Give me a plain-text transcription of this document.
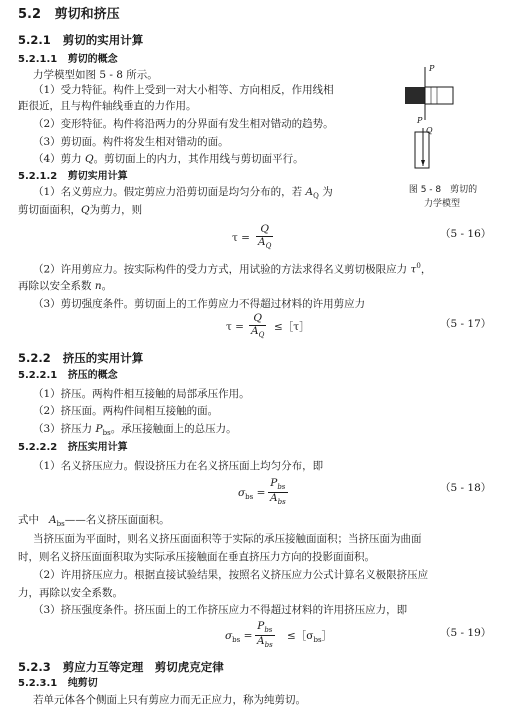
5.2 剪切和挤压
5.2.1 剪切的实用计算
5.2.1.1 剪切的概念
力学模型如图 5 - 8 所示。
（1）受力特征。构件上受到一对大小相等、方向相反，作用线相
距很近，且与构件轴线垂直的力作用。
（2）变形特征。构件将沿两力的分界面有发生相对错动的趋势。
（3）剪切面。构件将发生相对错动的面。
（4）剪力 Q。剪切面上的内力，其作用线与剪切面平行。
5.2.1.2 剪切实用计算
（1）名义剪应力。假定剪应力沿剪切面是均匀分布的，若 $A_Q$ 为
剪切面面积，Q为剪力，则
P
P
Q
图 5 - 8　剪切的
力学模型
$\tau = \frac{Q}{A_Q}$	（5 - 16）
（2）许用剪应力。按实际构件的受力方式，用试验的方法求得名义剪切极限应力 $\tau^0$，
再除以安全系数 n。
（3）剪切强度条件。剪切面上的工作剪应力不得超过材料的许用剪应力
$\tau = \frac{Q}{A_Q}$ ≤［τ］	（5 - 17）
5.2.2 挤压的实用计算
5.2.2.1 挤压的概念
（1）挤压。两构件相互接触的局部承压作用。
（2）挤压面。两构件间相互接触的面。
（3）挤压力 $P_{bs}$。承压接触面上的总压力。
5.2.2.2 挤压实用计算
（1）名义挤压应力。假设挤压力在名义挤压面上均匀分布，即
$\sigma_{bs}$ =
$P_{bs}$
$A_{bs}$
（5 - 18）
式中 $A_{bs}——$名义挤压面面积。
当挤压面为平面时，则名义挤压面面积等于实际的承压接触面面积；当挤压面为曲面
时，则名义挤压面面积取为实际承压接触面在垂直挤压力方向的投影面面积。
（2）许用挤压应力。根据直接试验结果，按照名义挤压应力公式计算名义极限挤压应
力，再除以安全系数。
（3）挤压强度条件。挤压面上的工作挤压应力不得超过材料的许用挤压应力，即
$\sigma_{bs}$ =
$P_{bs}$
$A_{bs}$
$\le[\sigma_{bs}]$	（5 - 19）
5.2.3 剪应力互等定理　剪切虎克定律
5.2.3.1 纯剪切
若单元体各个侧面上只有剪应力而无正应力，称为纯剪切。
